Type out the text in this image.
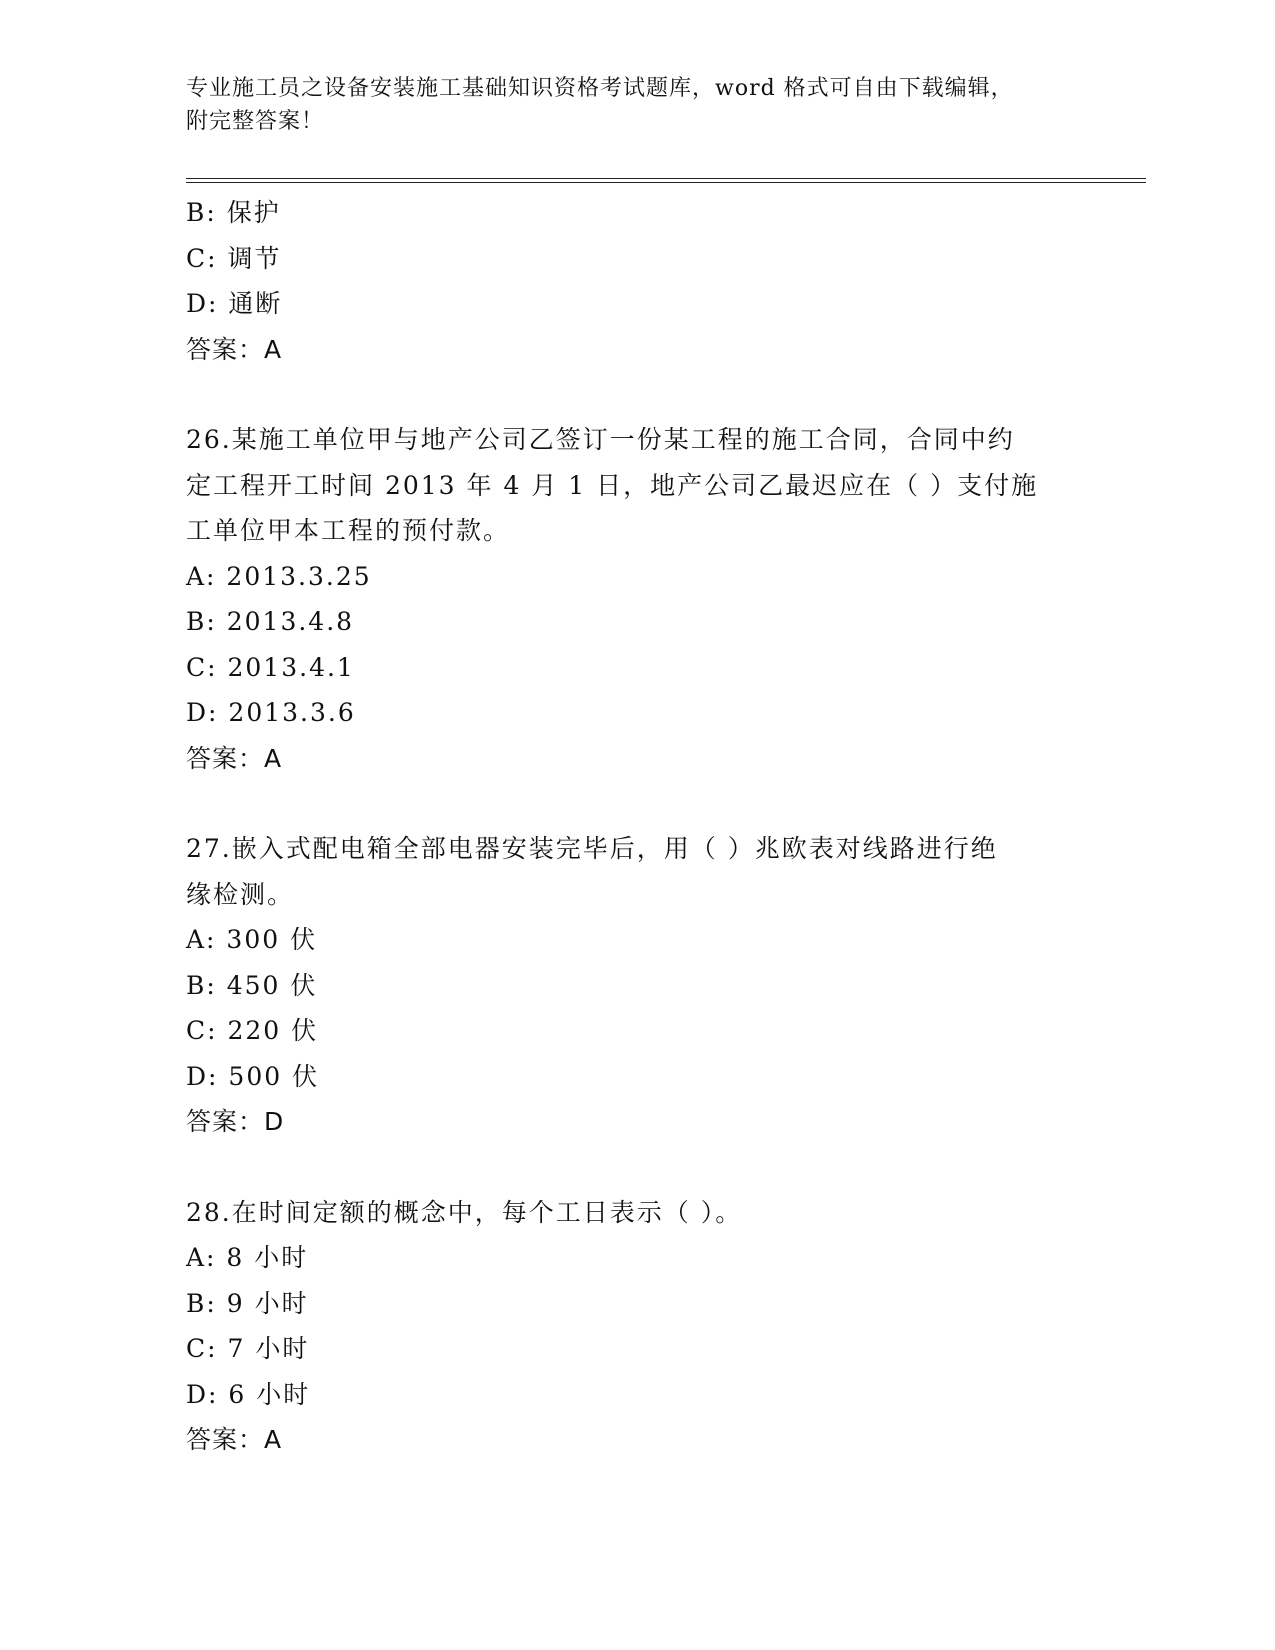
专业施工员之设备安装施工基础知识资格考试题库，word 格式可自由下载编辑，
附完整答案！
B: 保护
C: 调节
D: 通断
答案：A
26.某施工单位甲与地产公司乙签订一份某工程的施工合同，合同中约
定工程开工时间 2013 年 4 月 1 日，地产公司乙最迟应在（ ）支付施
工单位甲本工程的预付款。
A: 2013.3.25
B: 2013.4.8
C: 2013.4.1
D: 2013.3.6
答案：A
27.嵌入式配电箱全部电器安装完毕后，用（ ）兆欧表对线路进行绝
缘检测。
A: 300 伏
B: 450 伏
C: 220 伏
D: 500 伏
答案：D
28.在时间定额的概念中，每个工日表示（ ）。
A: 8 小时
B: 9 小时
C: 7 小时
D: 6 小时
答案：A
